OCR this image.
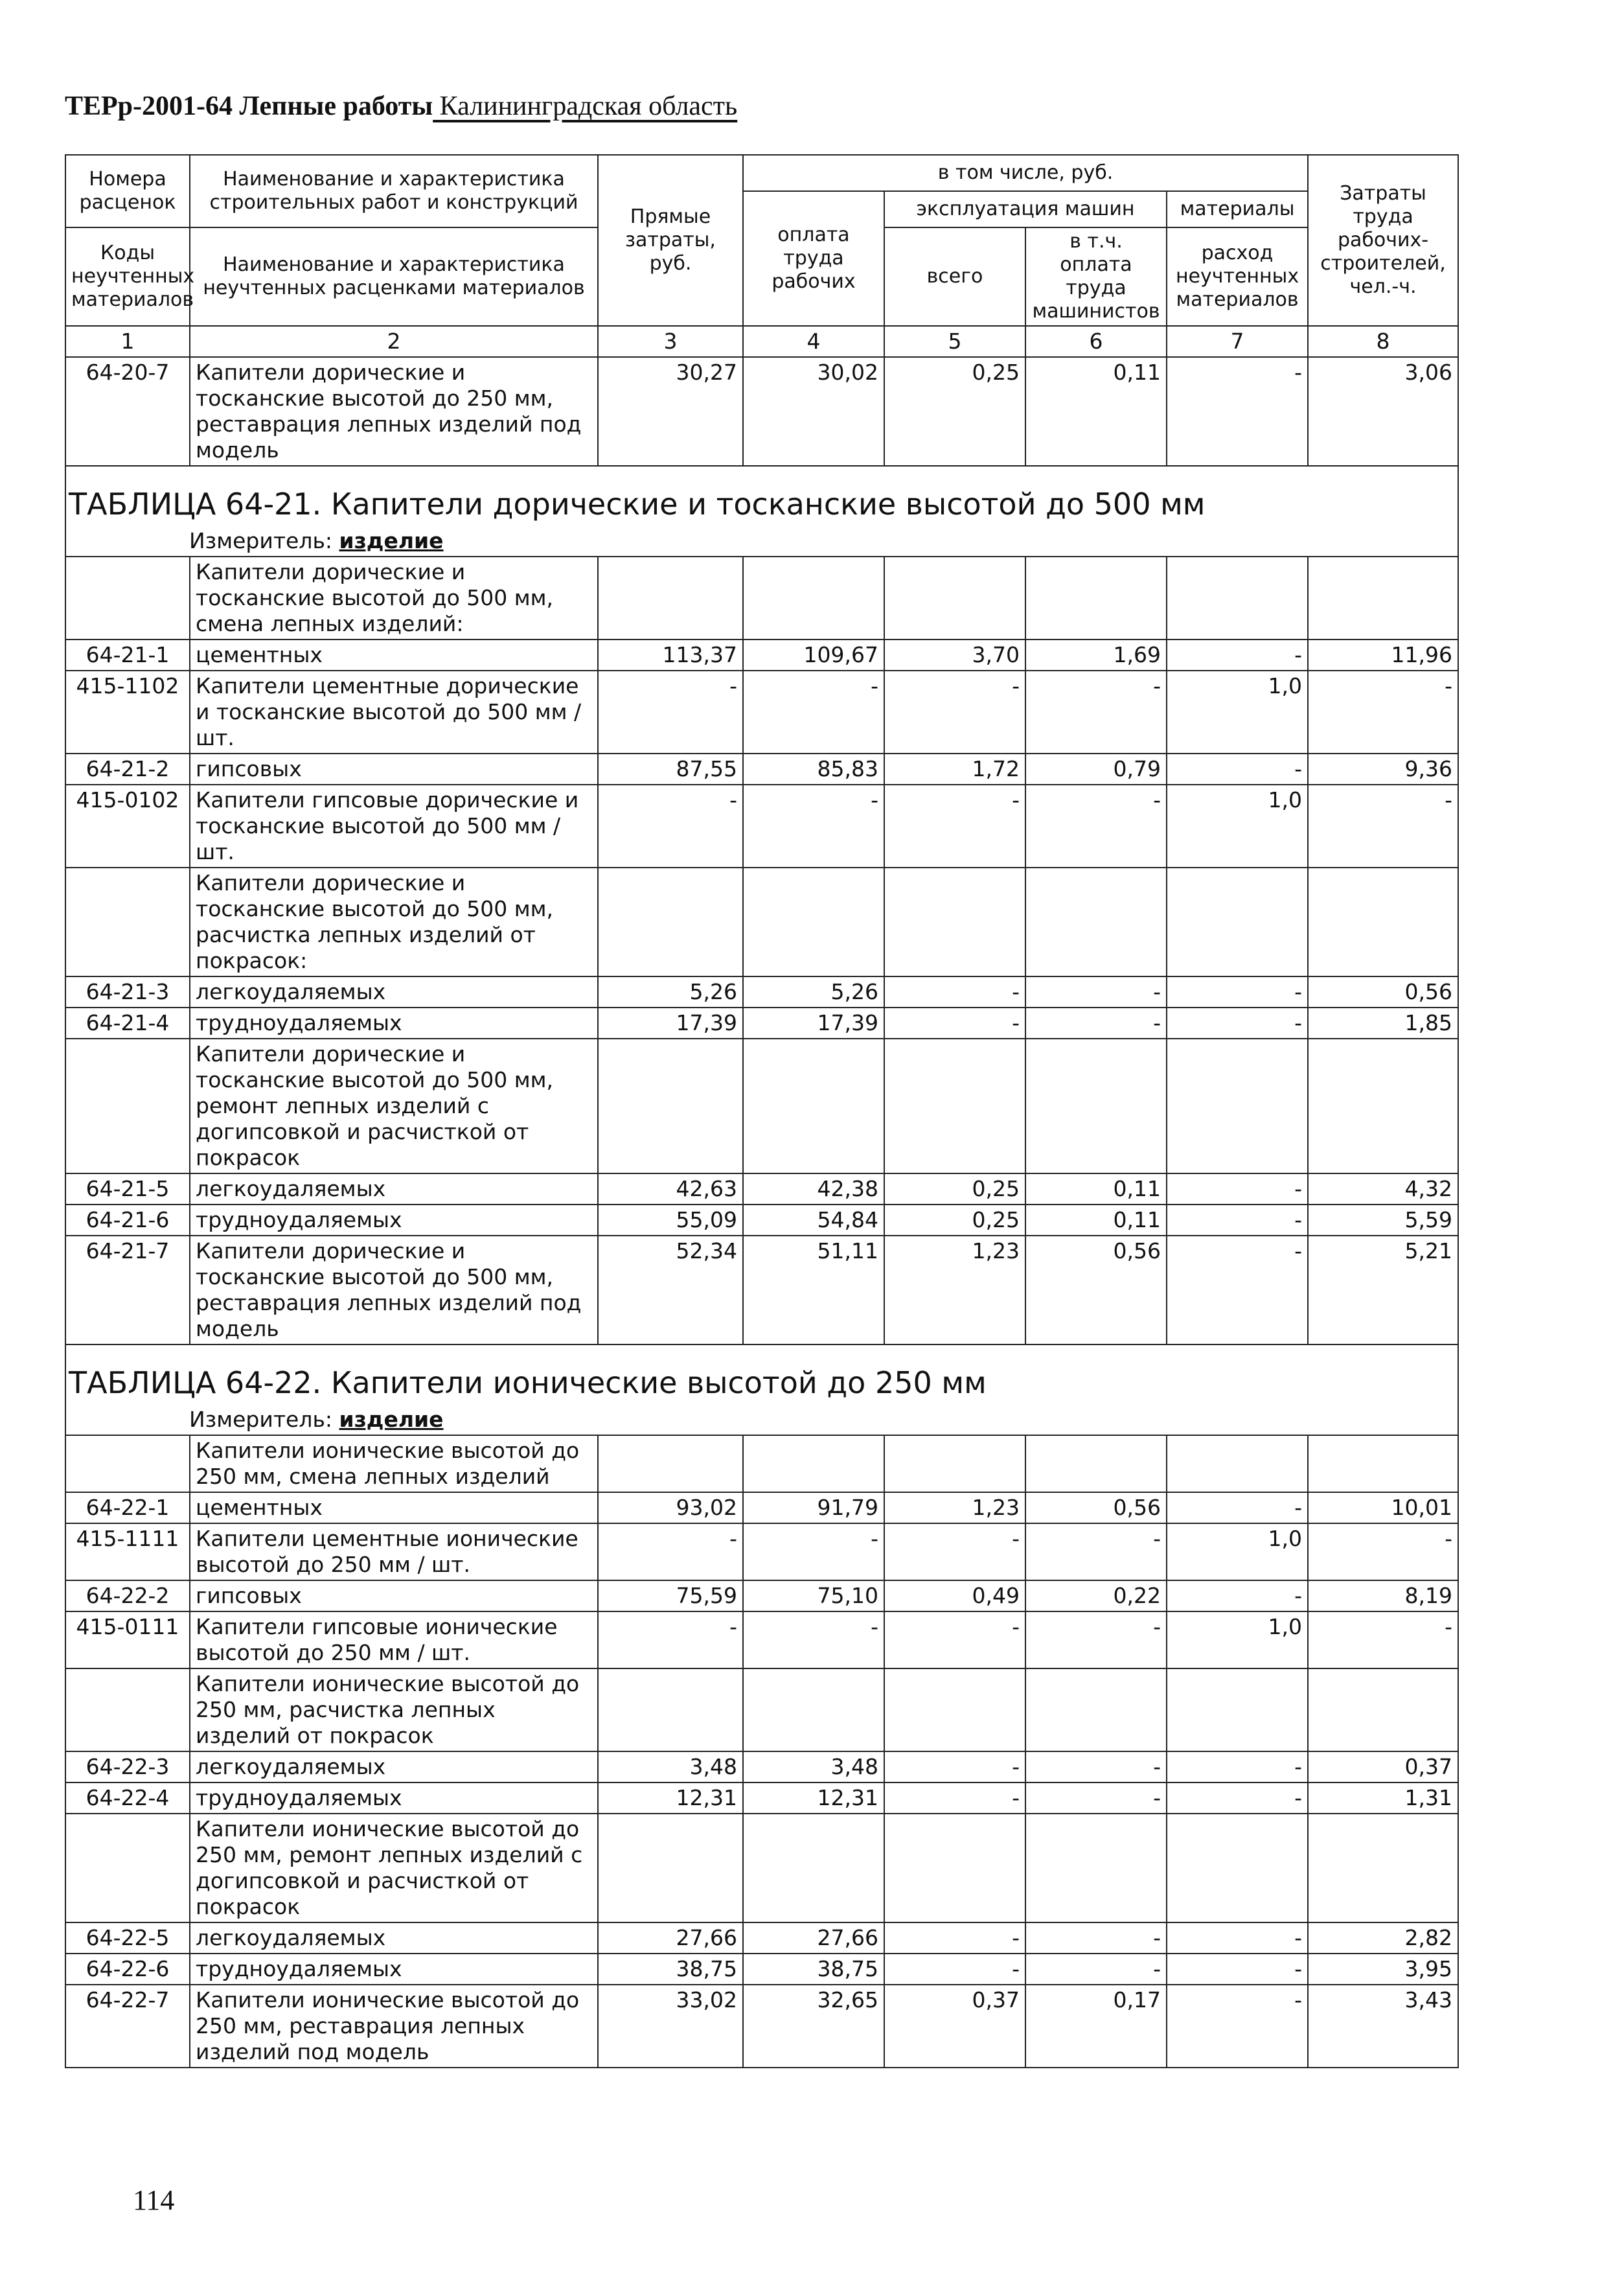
ТЕРр-2001-64 Лепные работы Калининградская область
Номера расценок	Наименование и характеристика строительных работ и конструкций	Прямые затраты, руб.	в том числе, руб.				Затраты труда рабочих-строителей, чел.-ч.
			оплата труда рабочих	эксплуатация машин		материалы	
Коды неучтенных материалов	Наименование и характеристика неучтенных расценками материалов			всего	в т.ч. оплата труда машинистов	расход неучтенных материалов	

1	2	3	4	5	6	7	8
64-20-7	Капители дорические и тосканские высотой до 250 мм, реставрация лепных изделий под модель	30,27	30,02	0,25	0,11	-	3,06
ТАБЛИЦА 64-21. Капители дорические и тосканские высотой до 500 мм							
Измеритель: изделие							
	Капители дорические и тосканские высотой до 500 мм, смена лепных изделий:						
64-21-1	цементных	113,37	109,67	3,70	1,69	-	11,96
415-1102	Капители цементные дорические и тосканские высотой до 500 мм / шт.	-	-	-	-	1,0	-
64-21-2	гипсовых	87,55	85,83	1,72	0,79	-	9,36
415-0102	Капители гипсовые дорические и тосканские высотой до 500 мм / шт.	-	-	-	-	1,0	-
	Капители дорические и тосканские высотой до 500 мм, расчистка лепных изделий от покрасок:						
64-21-3	легкоудаляемых	5,26	5,26	-	-	-	0,56
64-21-4	трудноудаляемых	17,39	17,39	-	-	-	1,85
	Капители дорические и тосканские высотой до 500 мм, ремонт лепных изделий с догипсовкой и расчисткой от покрасок						
64-21-5	легкоудаляемых	42,63	42,38	0,25	0,11	-	4,32
64-21-6	трудноудаляемых	55,09	54,84	0,25	0,11	-	5,59
64-21-7	Капители дорические и тосканские высотой до 500 мм, реставрация лепных изделий под модель	52,34	51,11	1,23	0,56	-	5,21
ТАБЛИЦА 64-22. Капители ионические высотой до 250 мм							
Измеритель: изделие							
	Капители ионические высотой до 250 мм, смена лепных изделий						
64-22-1	цементных	93,02	91,79	1,23	0,56	-	10,01
415-1111	Капители цементные ионические высотой до 250 мм / шт.	-	-	-	-	1,0	-
64-22-2	гипсовых	75,59	75,10	0,49	0,22	-	8,19
415-0111	Капители гипсовые ионические высотой до 250 мм / шт.	-	-	-	-	1,0	-
	Капители ионические высотой до 250 мм, расчистка лепных изделий от покрасок						
64-22-3	легкоудаляемых	3,48	3,48	-	-	-	0,37
64-22-4	трудноудаляемых	12,31	12,31	-	-	-	1,31
	Капители ионические высотой до 250 мм, ремонт лепных изделий с догипсовкой и расчисткой от покрасок						
64-22-5	легкоудаляемых	27,66	27,66	-	-	-	2,82
64-22-6	трудноудаляемых	38,75	38,75	-	-	-	3,95
64-22-7	Капители ионические высотой до 250 мм, реставрация лепных изделий под модель	33,02	32,65	0,37	0,17	-	3,43
114
